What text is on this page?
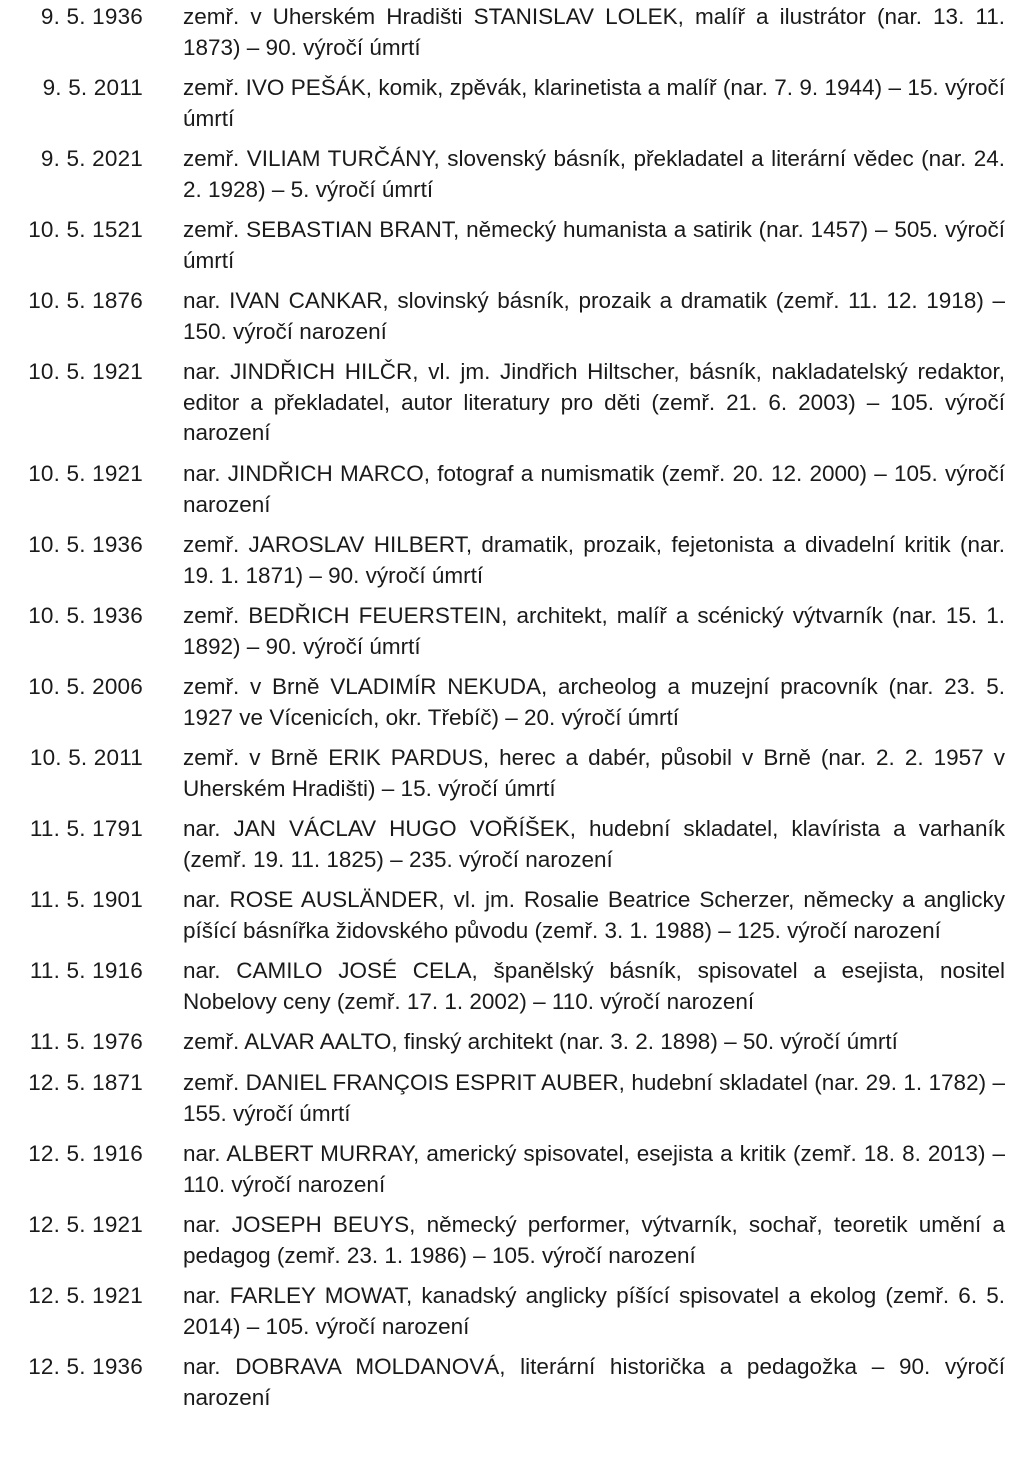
9. 5. 1936 zemř. v Uherském Hradišti STANISLAV LOLEK, malíř a ilustrátor (nar. 13. 11. 1873) – 90. výročí úmrtí
9. 5. 2011 zemř. IVO PEŠÁK, komik, zpěvák, klarinetista a malíř (nar. 7. 9. 1944) – 15. výročí úmrtí
9. 5. 2021 zemř. VILIAM TURČÁNY, slovenský básník, překladatel a literární vědec (nar. 24. 2. 1928) – 5. výročí úmrtí
10. 5. 1521 zemř. SEBASTIAN BRANT, německý humanista a satirik (nar. 1457) – 505. výročí úmrtí
10. 5. 1876 nar. IVAN CANKAR, slovinský básník, prozaik a dramatik (zemř. 11. 12. 1918) – 150. výročí narození
10. 5. 1921 nar. JINDŘICH HILČR, vl. jm. Jindřich Hiltscher, básník, nakladatelský redaktor, editor a překladatel, autor literatury pro děti (zemř. 21. 6. 2003) – 105. výročí narození
10. 5. 1921 nar. JINDŘICH MARCO, fotograf a numismatik (zemř. 20. 12. 2000) – 105. výročí narození
10. 5. 1936 zemř. JAROSLAV HILBERT, dramatik, prozaik, fejetonista a divadelní kritik (nar. 19. 1. 1871) – 90. výročí úmrtí
10. 5. 1936 zemř. BEDŘICH FEUERSTEIN, architekt, malíř a scénický výtvarník (nar. 15. 1. 1892) – 90. výročí úmrtí
10. 5. 2006 zemř. v Brně VLADIMÍR NEKUDA, archeolog a muzejní pracovník (nar. 23. 5. 1927 ve Vícenicích, okr. Třebíč) – 20. výročí úmrtí
10. 5. 2011 zemř. v Brně ERIK PARDUS, herec a dabér, působil v Brně (nar. 2. 2. 1957 v Uherském Hradišti) – 15. výročí úmrtí
11. 5. 1791 nar. JAN VÁCLAV HUGO VOŘÍŠEK, hudební skladatel, klavírista a varhaník (zemř. 19. 11. 1825) – 235. výročí narození
11. 5. 1901 nar. ROSE AUSLÄNDER, vl. jm. Rosalie Beatrice Scherzer, německy a anglicky píšící básnířka židovského původu (zemř. 3. 1. 1988) – 125. výročí narození
11. 5. 1916 nar. CAMILO JOSÉ CELA, španělský básník, spisovatel a esejista, nositel Nobelovy ceny (zemř. 17. 1. 2002) – 110. výročí narození
11. 5. 1976 zemř. ALVAR AALTO, finský architekt (nar. 3. 2. 1898) – 50. výročí úmrtí
12. 5. 1871 zemř. DANIEL FRANÇOIS ESPRIT AUBER, hudební skladatel (nar. 29. 1. 1782) – 155. výročí úmrtí
12. 5. 1916 nar. ALBERT MURRAY, americký spisovatel, esejista a kritik (zemř. 18. 8. 2013) – 110. výročí narození
12. 5. 1921 nar. JOSEPH BEUYS, německý performer, výtvarník, sochař, teoretik umění a pedagog (zemř. 23. 1. 1986) – 105. výročí narození
12. 5. 1921 nar. FARLEY MOWAT, kanadský anglicky píšící spisovatel a ekolog (zemř. 6. 5. 2014) – 105. výročí narození
12. 5. 1936 nar. DOBRAVA MOLDANOVÁ, literární historička a pedagožka – 90. výročí narození
